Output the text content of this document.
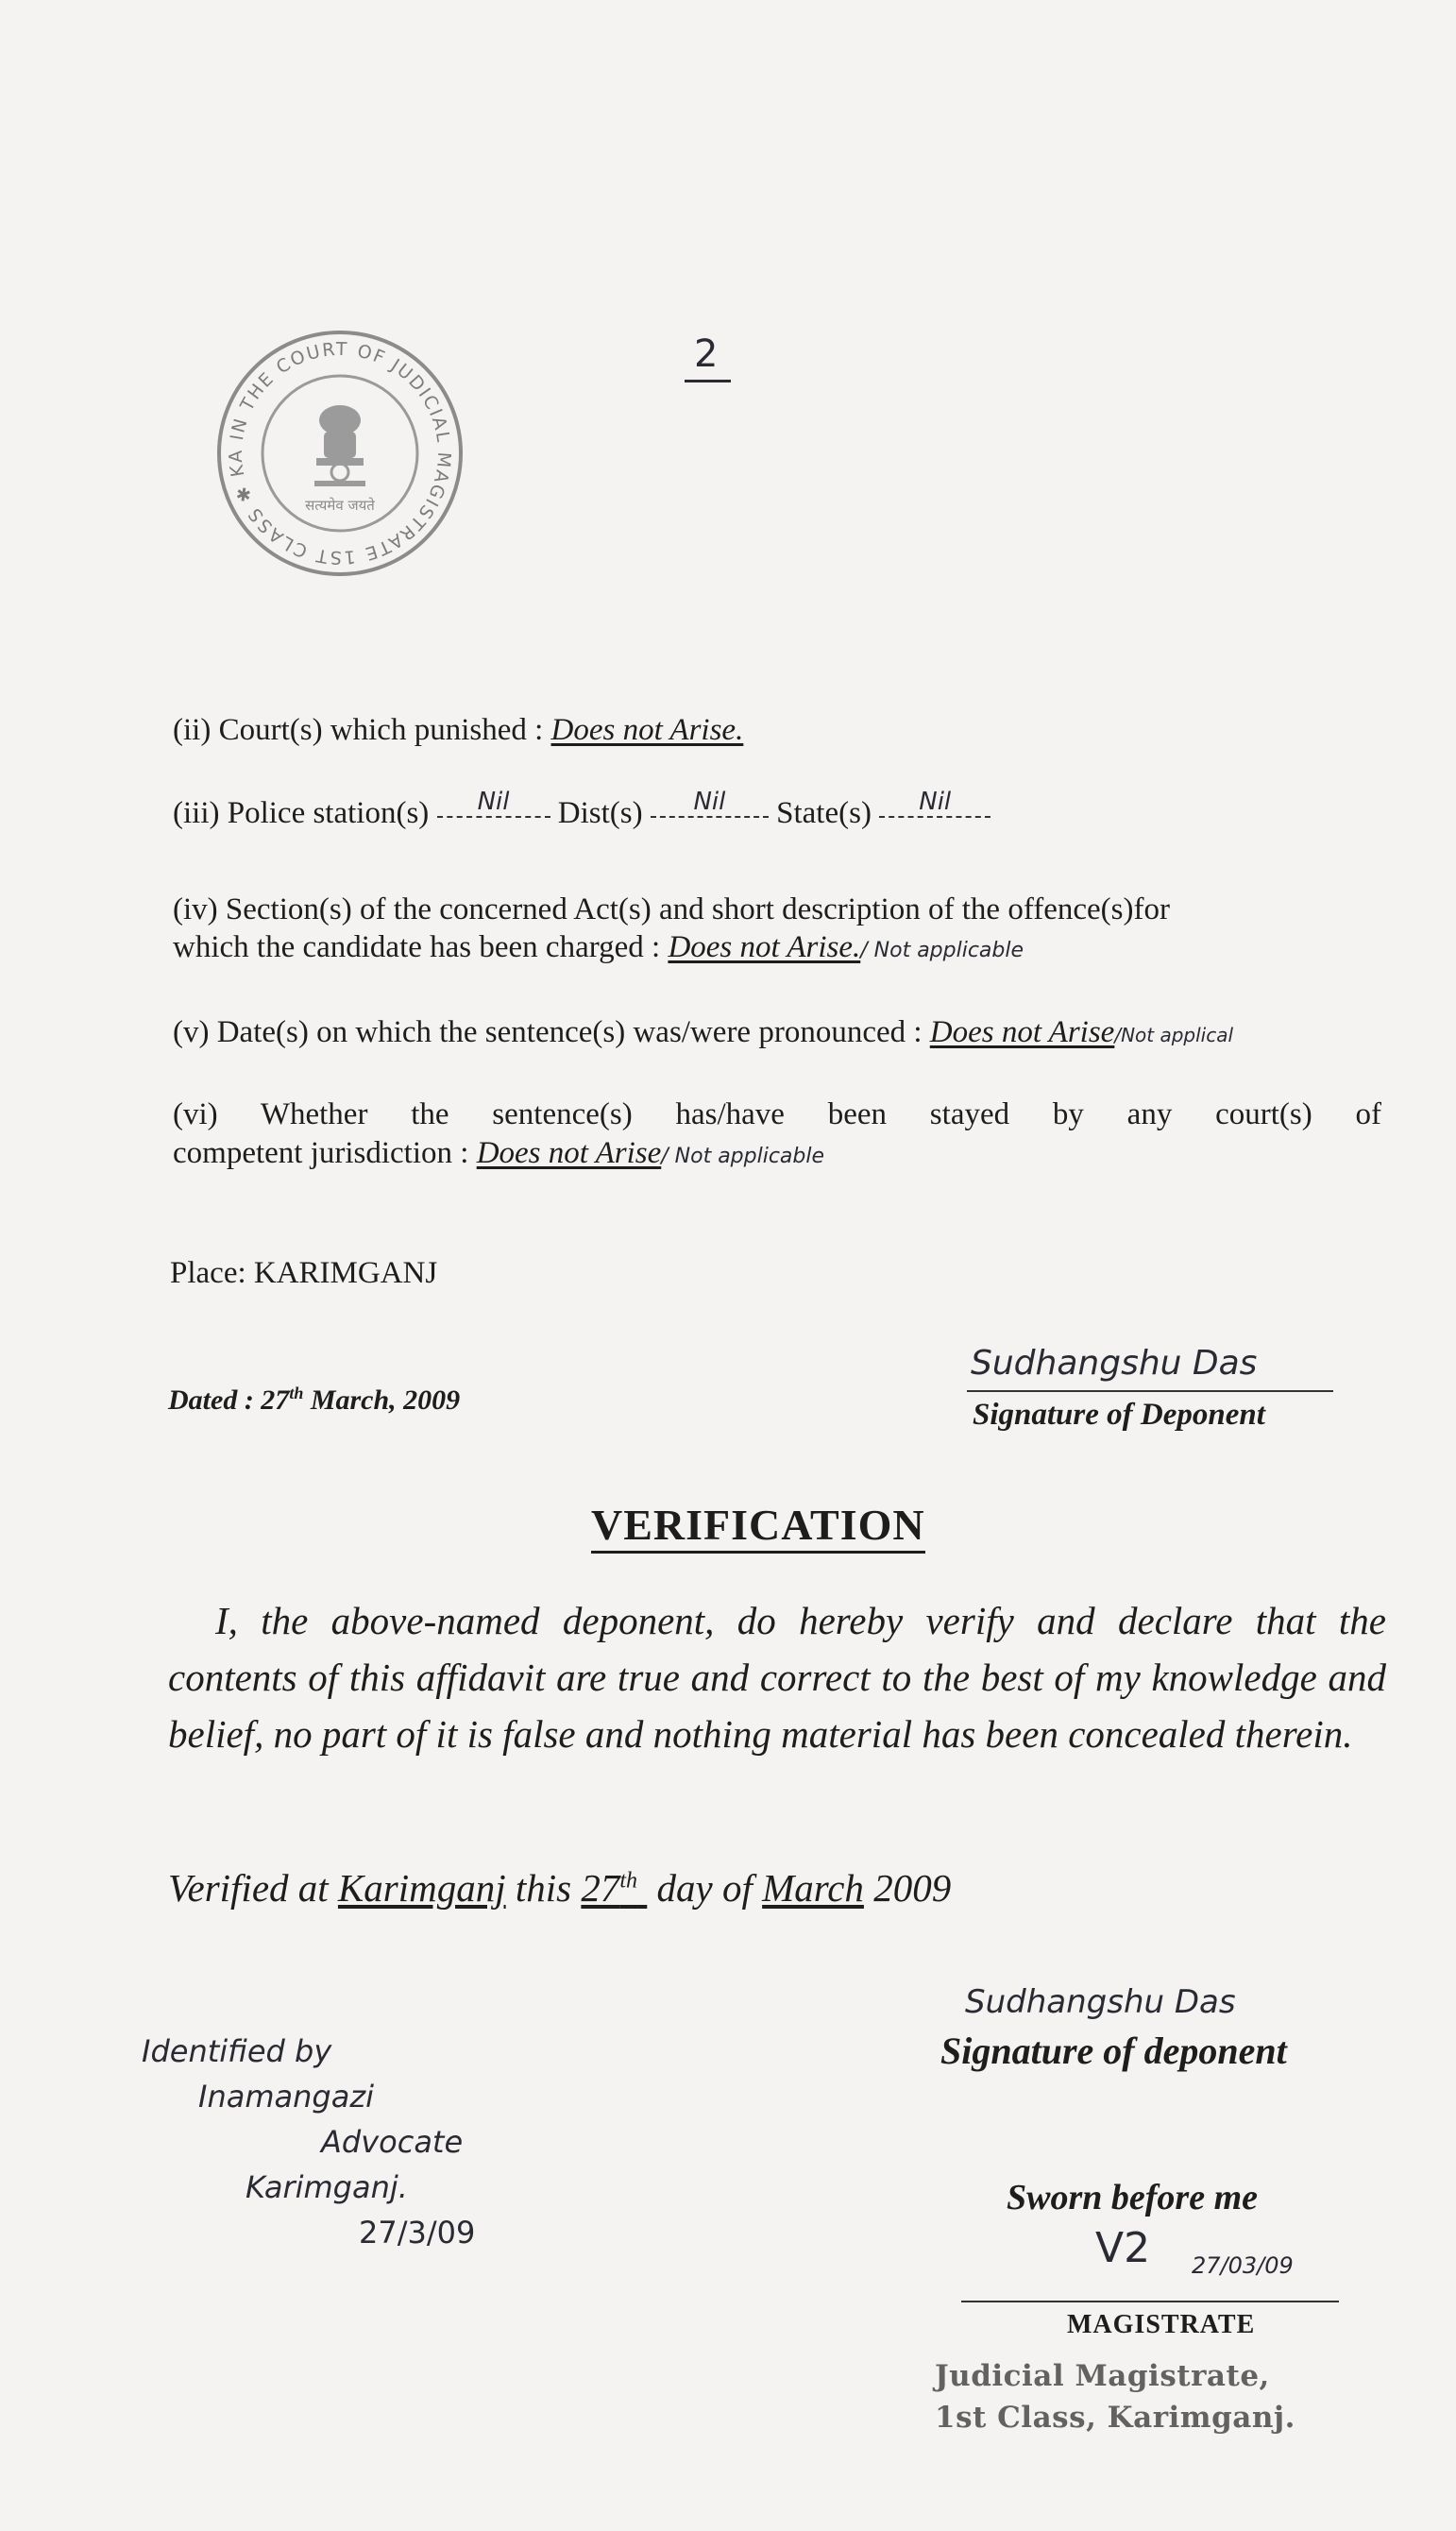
2
IN THE COURT OF JUDICIAL MAGISTRATE 1ST CLASS ✱ KA
सत्यमेव जयते
(ii) Court(s) which punished : Does not Arise.
(iii) Police station(s) Nil Dist(s) Nil State(s) Nil
(iv) Section(s) of the concerned Act(s) and short description of the offence(s)for
which the candidate has been charged : Does not Arise./ Not applicable
(v) Date(s) on which the sentence(s) was/were pronounced : Does not Arise/Not applical
(vi) Whether the sentence(s) has/have been stayed by any court(s) of
competent jurisdiction : Does not Arise/ Not applicable
Place: KARIMGANJ
Sudhangshu Das
Signature of Deponent
Dated : 27th March, 2009
VERIFICATION
I, the above-named deponent, do hereby verify and declare that the contents of this affidavit are true and correct to the best of my knowledge and belief, no part of it is false and nothing material has been concealed therein.
Verified at Karimganj this 27th  day of March 2009
Sudhangshu Das
Signature of deponent
Identified by
Inamangazi
Advocate
Karimganj.
27/3/09
Sworn before me
V2 27/03/09
MAGISTRATE
Judicial Magistrate,
1st Class, Karimganj.
